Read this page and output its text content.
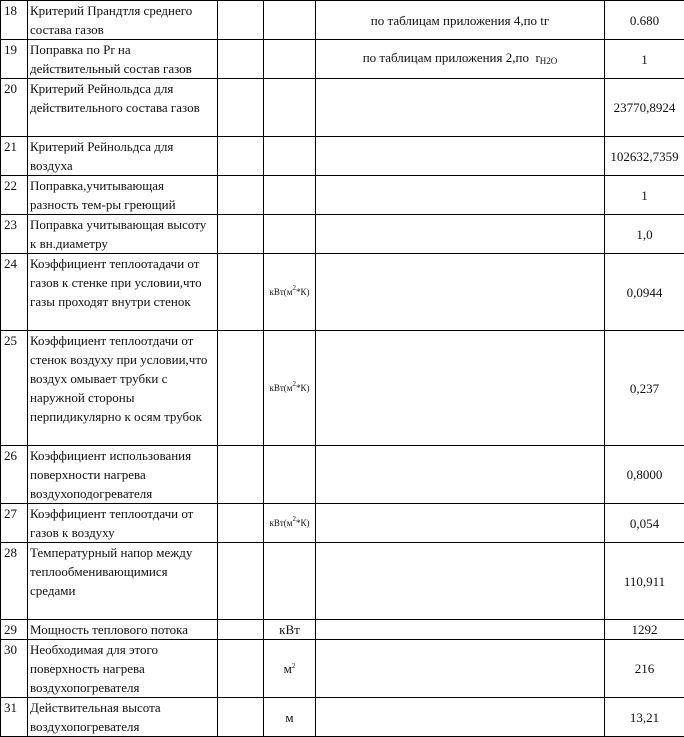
18	Критерий Прандтля среднего состава газов			по таблицам приложения 4,по tг	0.680
19	Поправка по Pr на действительный состав газов			по таблицам приложения 2,по rH2O	1
20	Критерий Рейнольдса для действительного состава газов				23770,8924
21	Критерий Рейнольдса для воздуха				102632,7359
22	Поправка,учитывающая разность тем-ры греющий				1
23	Поправка учитывающая высоту к вн.диаметру				1,0
24	Коэффициент теплоотадачи от газов к стенке при условии,что газы проходят внутри стенок		$кВт(м^2*К)$		0,0944
25	Коэффициент теплоотдачи от стенок воздуху при условии,что воздух омывает трубки с наружной стороны перпидикулярно к осям трубок		$кВт(м^2*К)$		0,237
26	Коэффициент использования поверхности нагрева воздухоподогревателя				0,8000
27	Коэффициент теплоотдачи от газов к воздуху		$кВт(м^2*К)$		0,054
28	Температурный напор между теплообменивающимися средами				110,911
29	Мощность теплового потока		кВт		1292
30	Необходимая для этого поверхность нагрева воздухопогревателя		$м^2$		216
31	Действительная высота воздухопогревателя		м		13,21
